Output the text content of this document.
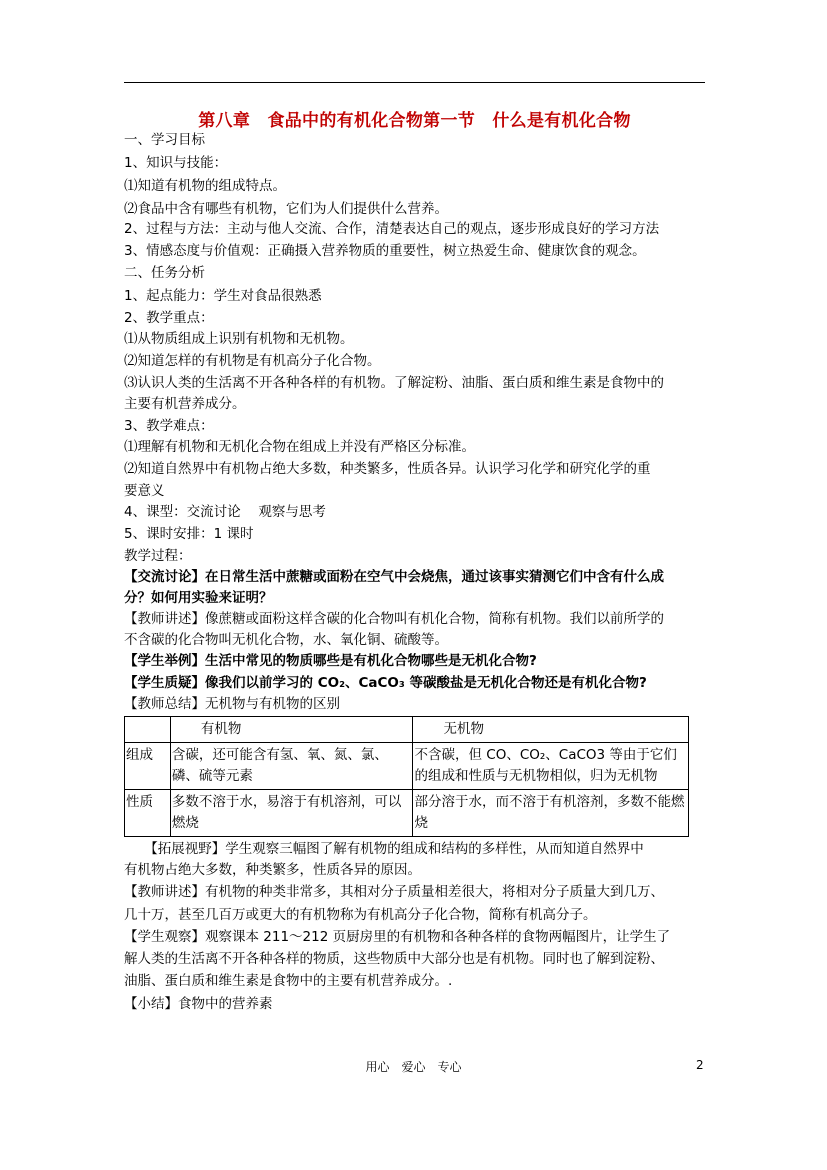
第八章　食品中的有机化合物第一节　什么是有机化合物
一、学习目标
1、知识与技能：
⑴知道有机物的组成特点。
⑵食品中含有哪些有机物，它们为人们提供什么营养。
2、过程与方法：主动与他人交流、合作，清楚表达自己的观点，逐步形成良好的学习方法
3、情感态度与价值观：正确摄入营养物质的重要性，树立热爱生命、健康饮食的观念。
二、任务分析
1、起点能力：学生对食品很熟悉
2、教学重点：
⑴从物质组成上识别有机物和无机物。
⑵知道怎样的有机物是有机高分子化合物。
⑶认识人类的生活离不开各种各样的有机物。了解淀粉、油脂、蛋白质和维生素是食物中的
主要有机营养成分。
3、教学难点：
⑴理解有机物和无机化合物在组成上并没有严格区分标准。
⑵知道自然界中有机物占绝大多数，种类繁多，性质各异。认识学习化学和研究化学的重
要意义
4、课型：交流讨论　 观察与思考
5、课时安排：1 课时
教学过程：
【交流讨论】在日常生活中蔗糖或面粉在空气中会烧焦，通过该事实猜测它们中含有什么成
分？如何用实验来证明？
【教师讲述】像蔗糖或面粉这样含碳的化合物叫有机化合物，简称有机物。我们以前所学的
不含碳的化合物叫无机化合物，水、氧化铜、硫酸等。
【学生举例】生活中常见的物质哪些是有机化合物哪些是无机化合物?
【学生质疑】像我们以前学习的 CO₂、CaCO₃ 等碳酸盐是无机化合物还是有机化合物?
【教师总结】无机物与有机物的区别
	有机物	无机物
组成	含碳，还可能含有氢、氧、氮、氯、磷、硫等元素	不含碳，但 CO、CO₂、CaCO3 等由于它们的组成和性质与无机物相似，归为无机物
性质	多数不溶于水，易溶于有机溶剂，可以燃烧	部分溶于水，而不溶于有机溶剂，多数不能燃烧
　　【拓展视野】学生观察三幅图了解有机物的组成和结构的多样性，从而知道自然界中
有机物占绝大多数，种类繁多，性质各异的原因。
【教师讲述】有机物的种类非常多，其相对分子质量相差很大，将相对分子质量大到几万、
几十万，甚至几百万或更大的有机物称为有机高分子化合物，简称有机高分子。
【学生观察】观察课本 211～212 页厨房里的有机物和各种各样的食物两幅图片，让学生了
解人类的生活离不开各种各样的物质，这些物质中大部分也是有机物。同时也了解到淀粉、
油脂、蛋白质和维生素是食物中的主要有机营养成分。.
【小结】食物中的营养素
用心　爱心　专心	2
